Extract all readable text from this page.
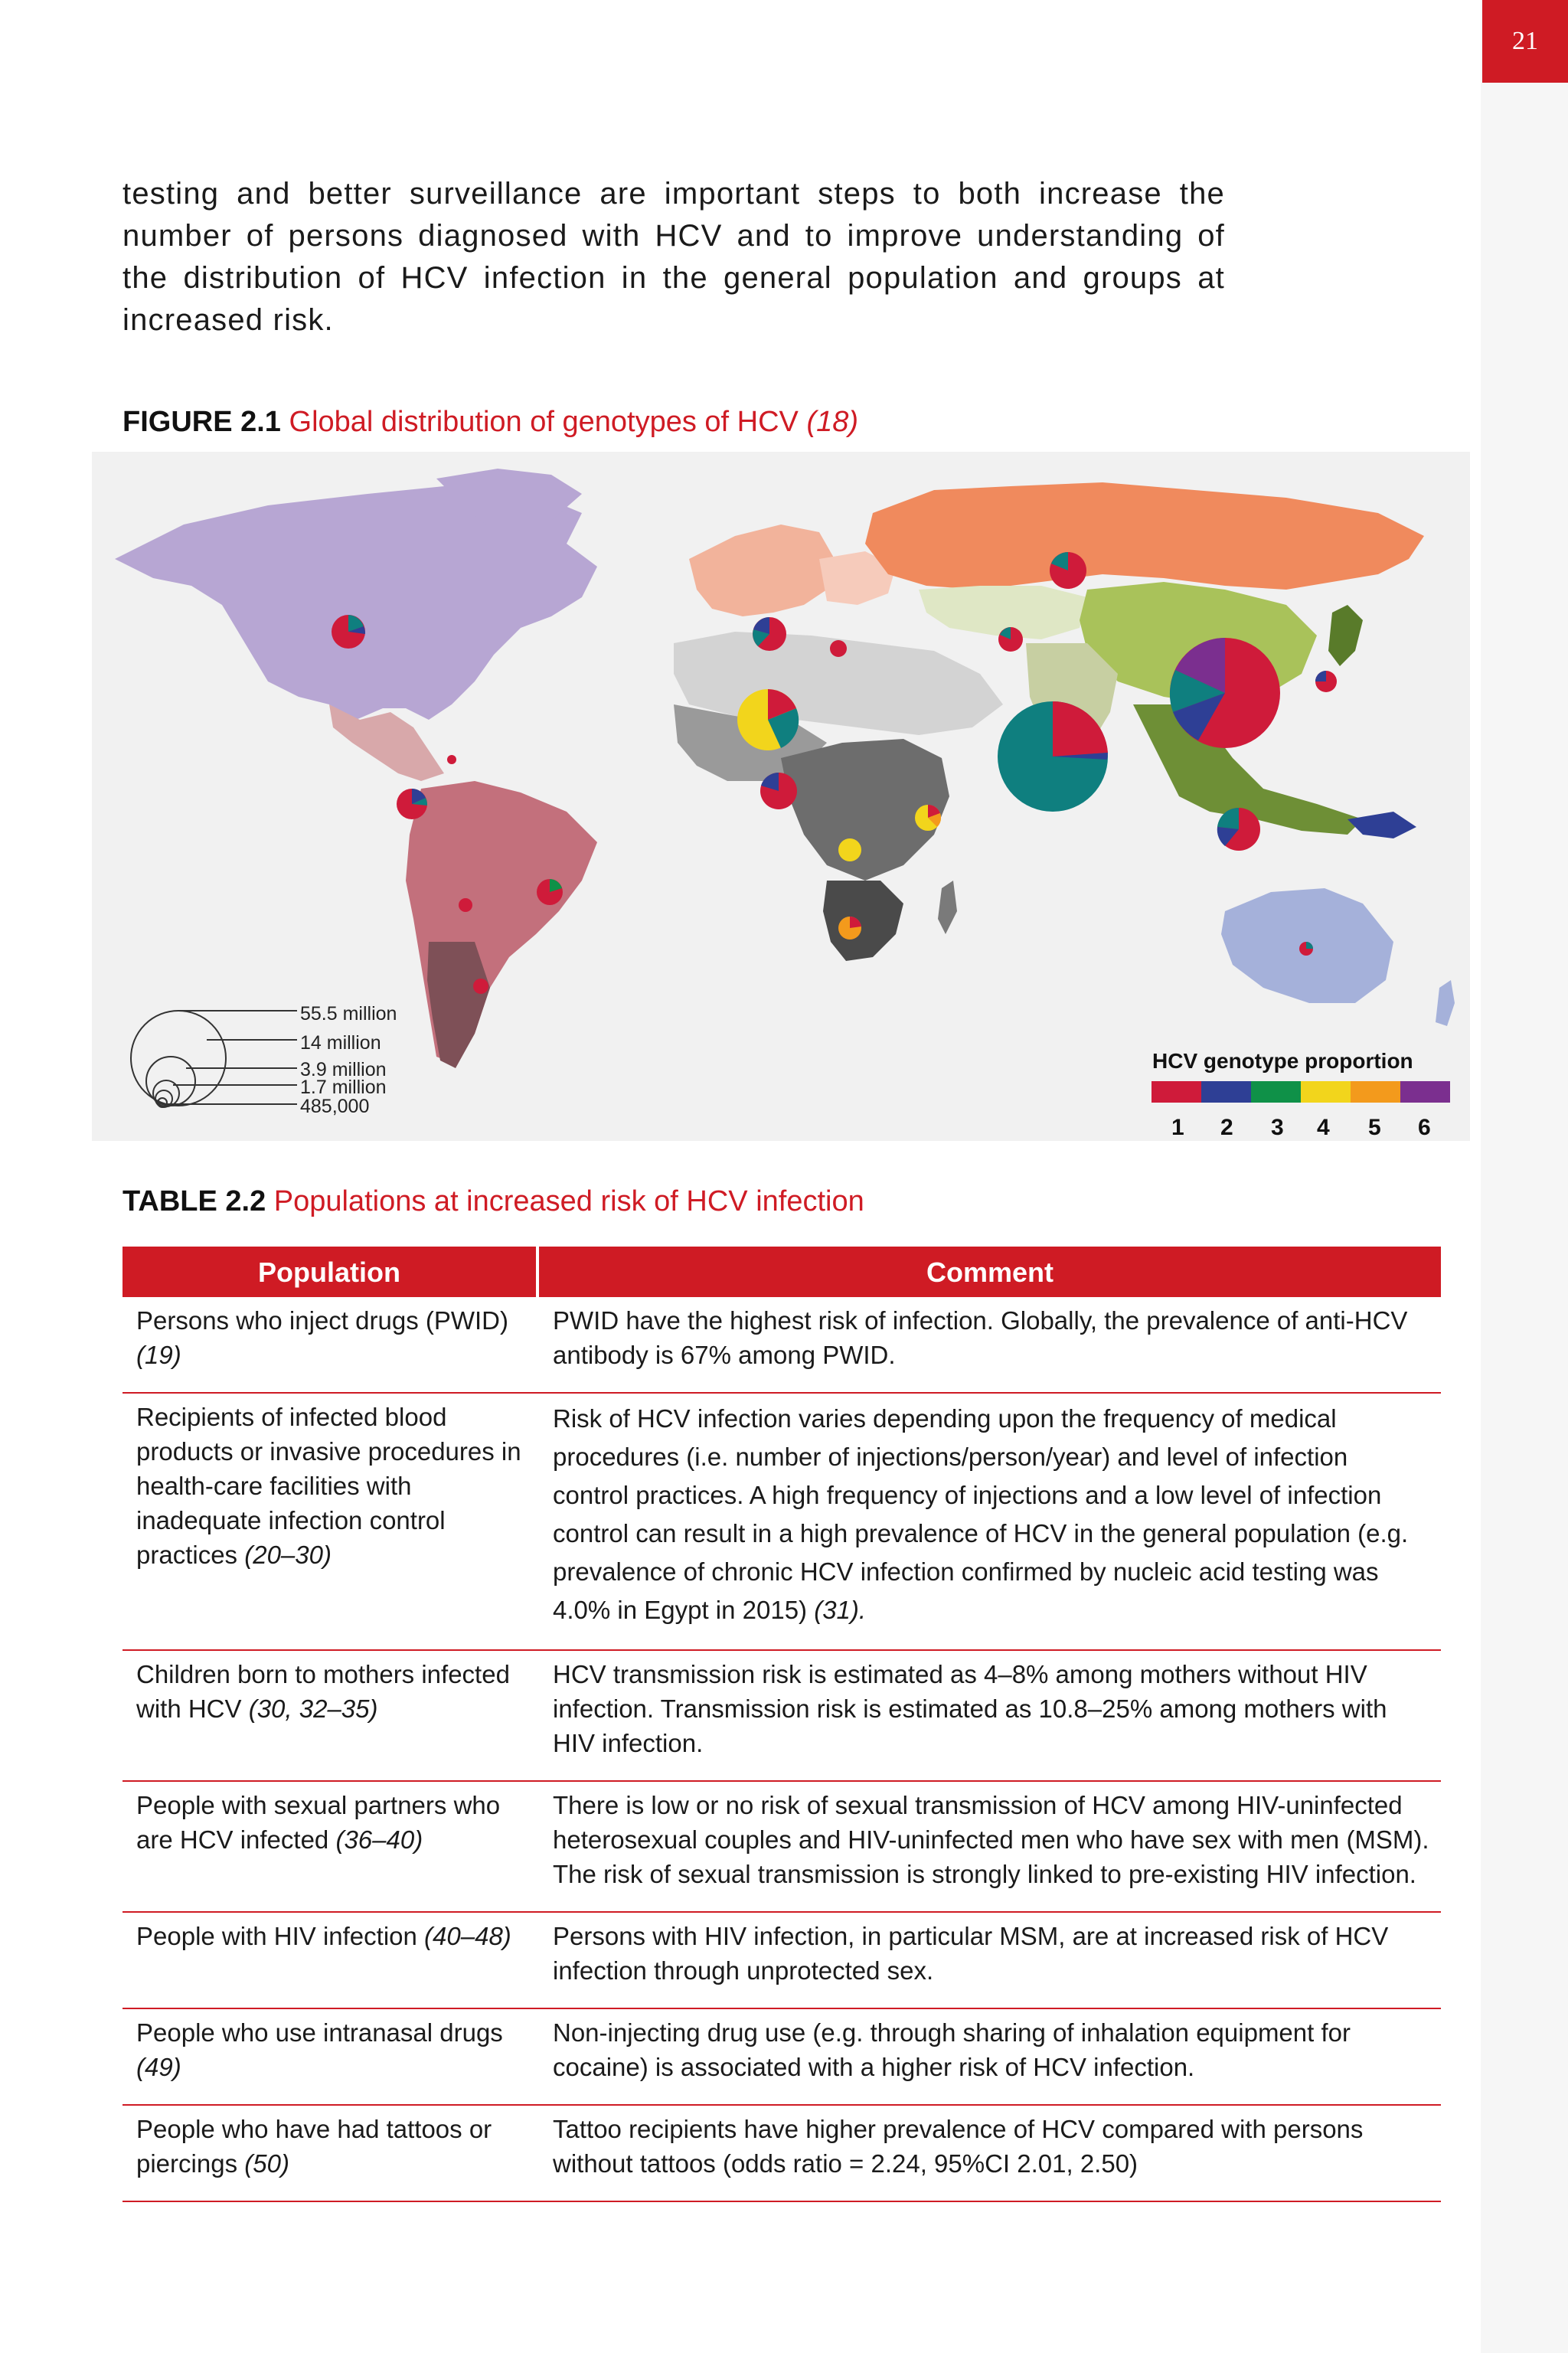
21

testing and better surveillance are important steps to both increase the number of persons diagnosed with HCV and to improve understanding of the distribution of HCV infection in the general population and groups at increased risk.

FIGURE 2.1 Global distribution of genotypes of HCV (18)
55.5 million
14 million
3.9 million
1.7 million
485,000
HCV genotype proportion
1 2 3 4 5 6
TABLE 2.2 Populations at increased risk of HCV infection
Population	Comment
Persons who inject drugs (PWID) (19)	PWID have the highest risk of infection. Globally, the prevalence of anti-HCV antibody is 67% among PWID.
Recipients of infected blood products or invasive procedures in health-care facilities with inadequate infection control practices (20–30)	Risk of HCV infection varies depending upon the frequency of medical procedures (i.e. number of injections/person/year) and level of infection control practices. A high frequency of injections and a low level of infection control can result in a high prevalence of HCV in the general population (e.g. prevalence of chronic HCV infection confirmed by nucleic acid testing was 4.0% in Egypt in 2015) (31).
Children born to mothers infected with HCV (30, 32–35)	HCV transmission risk is estimated as 4–8% among mothers without HIV infection. Transmission risk is estimated as 10.8–25% among mothers with HIV infection.
People with sexual partners who are HCV infected (36–40)	There is low or no risk of sexual transmission of HCV among HIV-uninfected heterosexual couples and HIV-uninfected men who have sex with men (MSM). The risk of sexual transmission is strongly linked to pre-existing HIV infection.
People with HIV infection (40–48)	Persons with HIV infection, in particular MSM, are at increased risk of HCV infection through unprotected sex.
People who use intranasal drugs (49)	Non-injecting drug use (e.g. through sharing of inhalation equipment for cocaine) is associated with a higher risk of HCV infection.
People who have had tattoos or piercings (50)	Tattoo recipients have higher prevalence of HCV compared with persons without tattoos (odds ratio = 2.24, 95%CI 2.01, 2.50)
